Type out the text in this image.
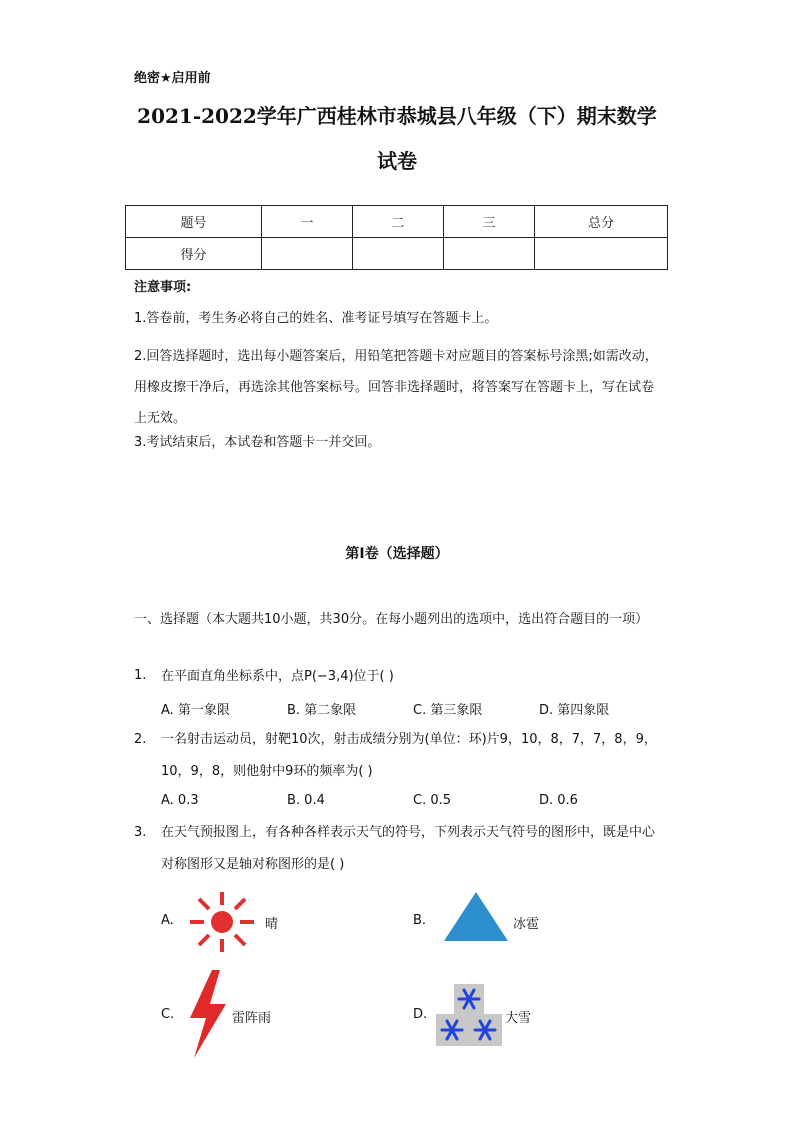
绝密★启用前
2021-2022学年广西桂林市恭城县八年级（下）期末数学
试卷
题号	一	二	三	总分
得分				
注意事项:
1.答卷前，考生务必将自己的姓名、准考证号填写在答题卡上。
2.回答选择题时，选出每小题答案后，用铅笔把答题卡对应题目的答案标号涂黑;如需改动，用橡皮擦干净后，再选涂其他答案标号。回答非选择题时，将答案写在答题卡上，写在试卷上无效。
3.考试结束后，本试卷和答题卡一并交回。
第I卷（选择题）
一、选择题（本大题共10小题，共30分。在每小题列出的选项中，选出符合题目的一项）
1. 在平面直角坐标系中，点P(−3,4)位于( )
A. 第一象限	B. 第二象限	C. 第三象限	D. 第四象限
2. 一名射击运动员，射靶10次，射击成绩分别为(单位：环)片9，10，8，7，7，8，9，10，9，8，则他射中9环的频率为( )
A. 0.3	B. 0.4	C. 0.5	D. 0.6
3. 在天气预报图上，有各种各样表示天气的符号，下列表示天气符号的图形中，既是中心对称图形又是轴对称图形的是( )
A.	晴	B.	冰雹
C.	雷阵雨	D.	大雪
